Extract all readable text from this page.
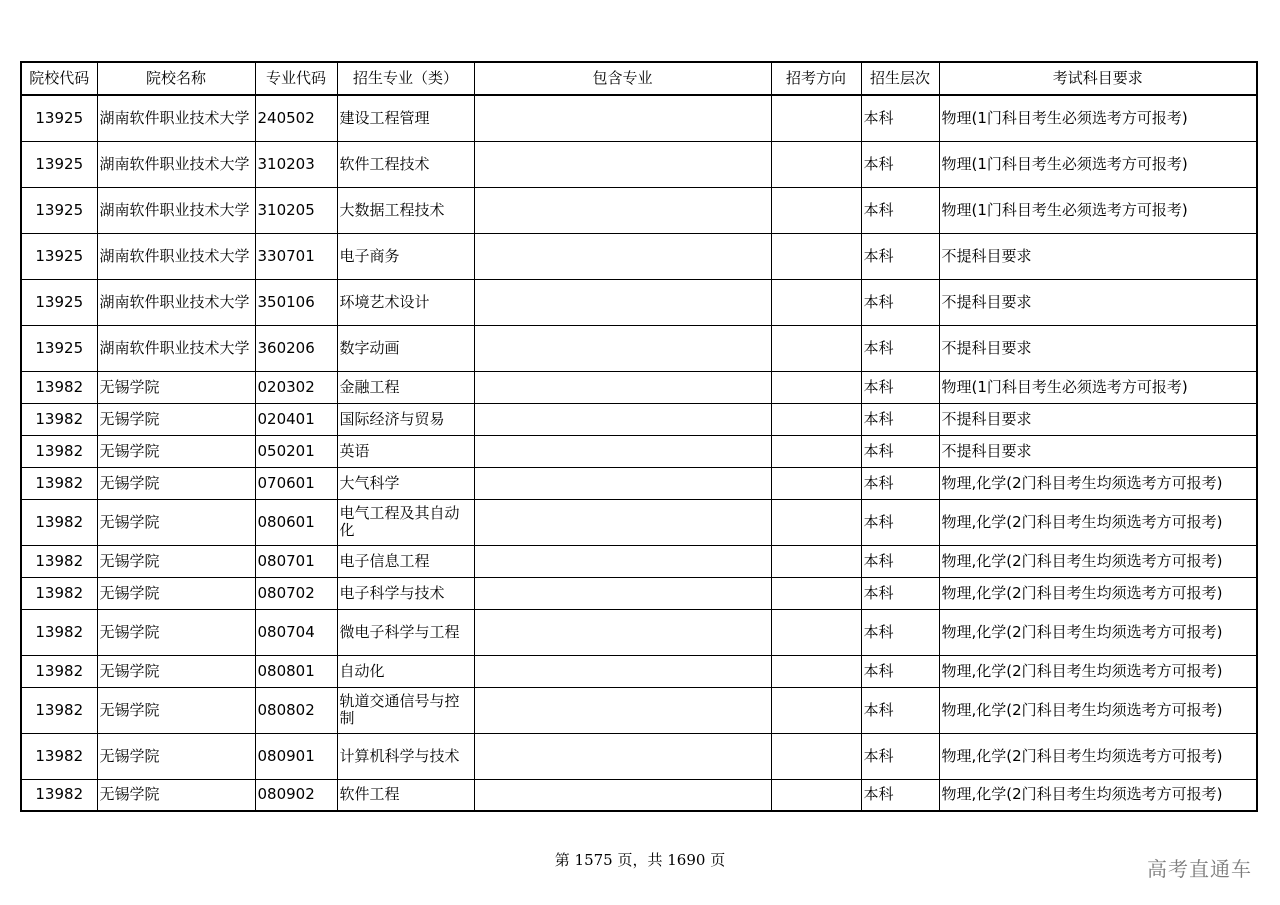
院校代码	院校名称	专业代码	招生专业（类）	包含专业	招考方向	招生层次	考试科目要求
13925	湖南软件职业技术大学	240502	建设工程管理			本科	物理(1门科目考生必须选考方可报考)
13925	湖南软件职业技术大学	310203	软件工程技术			本科	物理(1门科目考生必须选考方可报考)
13925	湖南软件职业技术大学	310205	大数据工程技术			本科	物理(1门科目考生必须选考方可报考)
13925	湖南软件职业技术大学	330701	电子商务			本科	不提科目要求
13925	湖南软件职业技术大学	350106	环境艺术设计			本科	不提科目要求
13925	湖南软件职业技术大学	360206	数字动画			本科	不提科目要求
13982	无锡学院	020302	金融工程			本科	物理(1门科目考生必须选考方可报考)
13982	无锡学院	020401	国际经济与贸易			本科	不提科目要求
13982	无锡学院	050201	英语			本科	不提科目要求
13982	无锡学院	070601	大气科学			本科	物理,化学(2门科目考生均须选考方可报考)
13982	无锡学院	080601	电气工程及其自动化			本科	物理,化学(2门科目考生均须选考方可报考)
13982	无锡学院	080701	电子信息工程			本科	物理,化学(2门科目考生均须选考方可报考)
13982	无锡学院	080702	电子科学与技术			本科	物理,化学(2门科目考生均须选考方可报考)
13982	无锡学院	080704	微电子科学与工程			本科	物理,化学(2门科目考生均须选考方可报考)
13982	无锡学院	080801	自动化			本科	物理,化学(2门科目考生均须选考方可报考)
13982	无锡学院	080802	轨道交通信号与控制			本科	物理,化学(2门科目考生均须选考方可报考)
13982	无锡学院	080901	计算机科学与技术			本科	物理,化学(2门科目考生均须选考方可报考)
13982	无锡学院	080902	软件工程			本科	物理,化学(2门科目考生均须选考方可报考)
第 1575 页，共 1690 页	高考直通车
